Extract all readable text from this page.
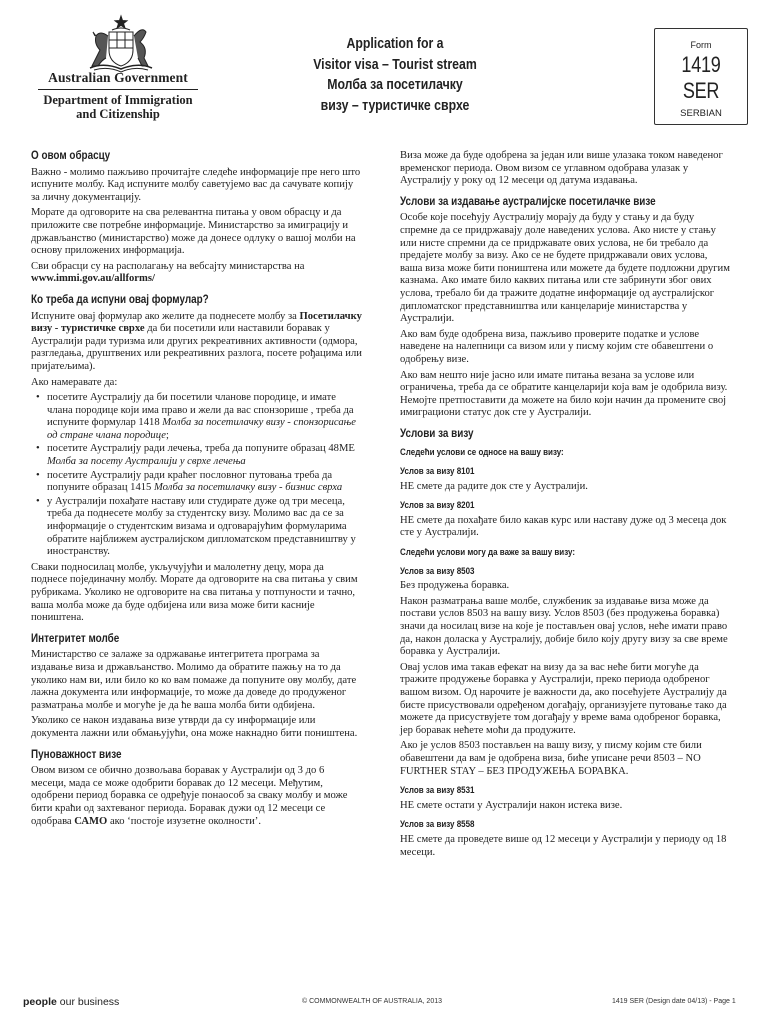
Australian Government
Department of Immigration
and Citizenship
Application for a
Visitor visa – Tourist stream
Молба за посетилачку
визу – туристичке сврхе
Form
1419 SER
SERBIAN
О овом обрасцу

Важно - молимо пажљиво прочитајте следеће информације пре него што испуните молбу. Кад испуните молбу саветујемо вас да сачувате копију за личну документацију.

Морате да одговорите на сва релевантна питања у овом обрасцу и да приложите све потребне информације. Министарство за имиграцију и држављанство (министарство) може да донесе одлуку о вашој молби на основу приложених информација.

Сви обрасци су на располагању на вебсајту министарства на
www.immi.gov.au/allforms/

Ко треба да испуни овај формулар?

Испуните овај формулар ако желите да поднесете молбу за Посетилачку визу - туристичке сврхе да би посетили или наставили боравак у Аустралији ради туризма или других рекреативних активности (одмора, разгледања, друштвених или рекреативних разлога, посете рођацима или пријатељима).

Ако намеравате да:

• посетите Аустралију да би посетили чланове породице, и имате члана породице који има право и жели да вас спонзорише , треба да испуните формулар 1418 Молба за посетилачку визу - спонзорисање од стране члана породице;
• посетите Аустралију ради лечења, треба да попуните образац 48ME Молба за посету Аустралији у сврхе лечења
• посетите Аустралију ради краћег пословног путовања треба да попуните образац 1415 Молба за посетилачку визу - бизнис сврха
• у Аустралији похађате наставу или студирате дуже од три месеца, треба да поднесете молбу за студентску визу. Молимо вас да се за информације о студентским визама и одговарајућим формуларима обратите најближем аустралијском дипломатском представништву у иностранству.

Сваки подносилац молбе, укључујући и малолетну децу, мора да поднесе појединачну молбу. Морате да одговорите на сва питања у свим рубрикама. Уколико не одговорите на сва питања у потпуности и тачно, ваша молба може да буде одбијена или виза може бити касније поништена.

Интегритет молбе

Министарство се залаже за одржавање интегритета програма за издавање виза и држављанство. Молимо да обратите пажњу на то да уколико нам ви, или било ко ко вам помаже да попуните ову молбу, дате лажна документа или информације, то може да доведе до продуженог разматрања молбе и могуће је да ће ваша молба бити одбијена.

Уколико се након издавања визе утврди да су информације или документа лажни или обмањујући, она може накнадно бити поништена.

Пуноважност визе

Овом визом се обично дозвољава боравак у Аустралији од 3 до 6 месеци, мада се може одобрити боравак до 12 месеци. Међутим, одобрени период боравка се одређује понаособ за сваку молбу и може бити краћи од захтеваног периода. Боравак дужи од 12 месеци се одобрава САМО ако ‘постоје изузетне околности’.

Виза може да буде одобрена за један или више улазака током наведеног временског периода. Овом визом се углавном одобрава улазак у Аустралију у року од 12 месеци од датума издавања.

Услови за издавање аустралијске посетилачке визе

Особе које посећују Аустралију морају да буду у стању и да буду спремне да се придржавају доле наведених услова. Ако нисте у стању или нисте спремни да се придржавате ових услова, не би требало да предајете молбу за визу. Ако се не будете придржавали ових услова, ваша виза може бити поништена или можете да будете подложни другим казнама. Ако имате било каквих питања или сте забринути због ових услова, требало би да тражите додатне информације од аустралијског дипломатског представништва или канцеларије министарства у Аустралији.

Ако вам буде одобрена виза, пажљиво проверите податке и услове наведене на налепници са визом или у писму којим сте обавештени о одобрењу визе.

Ако вам нешто није јасно или имате питања везана за услове или ограничења, треба да се обратите канцеларији која вам је одобрила визу. Немојте претпоставити да можете на било који начин да промените свој имиграциони статус док сте у Аустралији.

Услови за визу
Следећи услови се односе на вашу визу:
Услов за визу 8101

НЕ смете да радите док сте у Аустралији.

Услов за визу 8201

НЕ смете да похађате било какав курс или наставу дуже од 3 месеца док сте у Аустралији.

Следећи услови могу да важе за вашу визу:
Услов за визу 8503

Без продужења боравка.

Након разматрања ваше молбе, службеник за издавање виза може да постави услов 8503 на вашу визу. Услов 8503 (без продужења боравка) значи да носилац визе на које је постављен овај услов, неће имати право да, након доласка у Аустралију, добије било коју другу визу за све време боравка у Аустралији.

Овај услов има такав ефекат на визу да за вас неће бити могуће да тражите продужење боравка у Аустралији, преко периода одобреног вашом визом. Од нарочите је важности да, ако посећујете Аустралију да бисте присуствовали одређеном догађају, организујете путовање тако да можете да присуствујете том догађају у време вама одобреног боравка, јер боравак нећете моћи да продужите.

Ако је услов 8503 постављен на вашу визу, у писму којим сте били обавештени да вам је одобрена виза, биће уписане речи 8503 – NO FURTHER STAY – БЕЗ ПРОДУЖЕЊА БОРАВКА.

Услов за визу 8531

НЕ смете остати у Аустралији након истека визе.

Услов за визу 8558

НЕ смете да проведете више од 12 месеци у Аустралији у периоду од 18 месеци.

people our business	© COMMONWEALTH OF AUSTRALIA, 2013	1419 SER (Design date 04/13) - Page 1
